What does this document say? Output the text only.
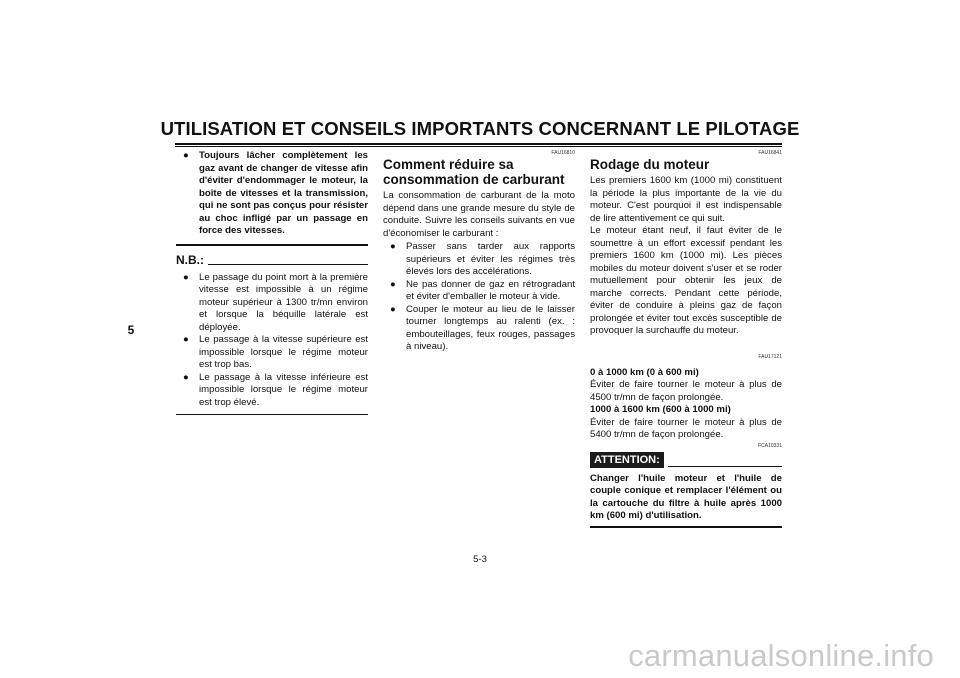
UTILISATION ET CONSEILS IMPORTANTS CONCERNANT LE PILOTAGE
5
● Toujours lâcher complètement les gaz avant de changer de vitesse afin d'éviter d'endommager le moteur, la boîte de vitesses et la transmission, qui ne sont pas conçus pour résister au choc infligé par un passage en force des vitesses.
N.B.:
● Le passage du point mort à la première vitesse est impossible à un régime moteur supérieur à 1300 tr/mn environ et lorsque la béquille latérale est déployée.
● Le passage à la vitesse supérieure est impossible lorsque le régime moteur est trop bas.
● Le passage à la vitesse inférieure est impossible lorsque le régime moteur est trop élevé.
FAU16810
Comment réduire sa consommation de carburant

La consommation de carburant de la moto dépend dans une grande mesure du style de conduite. Suivre les conseils suivants en vue d'économiser le carburant :

● Passer sans tarder aux rapports supérieurs et éviter les régimes très élevés lors des accélérations.
● Ne pas donner de gaz en rétrogradant et éviter d'emballer le moteur à vide.
● Couper le moteur au lieu de le laisser tourner longtemps au ralenti (ex. : embouteillages, feux rouges, passages à niveau).
FAU16841
Rodage du moteur

Les premiers 1600 km (1000 mi) constituent la période la plus importante de la vie du moteur. C'est pourquoi il est indispensable de lire attentivement ce qui suit.

Le moteur étant neuf, il faut éviter de le soumettre à un effort excessif pendant les premiers 1600 km (1000 mi). Les pièces mobiles du moteur doivent s'user et se roder mutuellement pour obtenir les jeux de marche corrects. Pendant cette période, éviter de conduire à pleins gaz de façon prolongée et éviter tout excès susceptible de provoquer la surchauffe du moteur.

FAU17121
0 à 1000 km (0 à 600 mi)

Éviter de faire tourner le moteur à plus de 4500 tr/mn de façon prolongée.

1000 à 1600 km (600 à 1000 mi)

Éviter de faire tourner le moteur à plus de 5400 tr/mn de façon prolongée.

FCA10331
ATTENTION:

Changer l'huile moteur et l'huile de couple conique et remplacer l'élément ou la cartouche du filtre à huile après 1000 km (600 mi) d'utilisation.

5-3
carmanualsonline.info
